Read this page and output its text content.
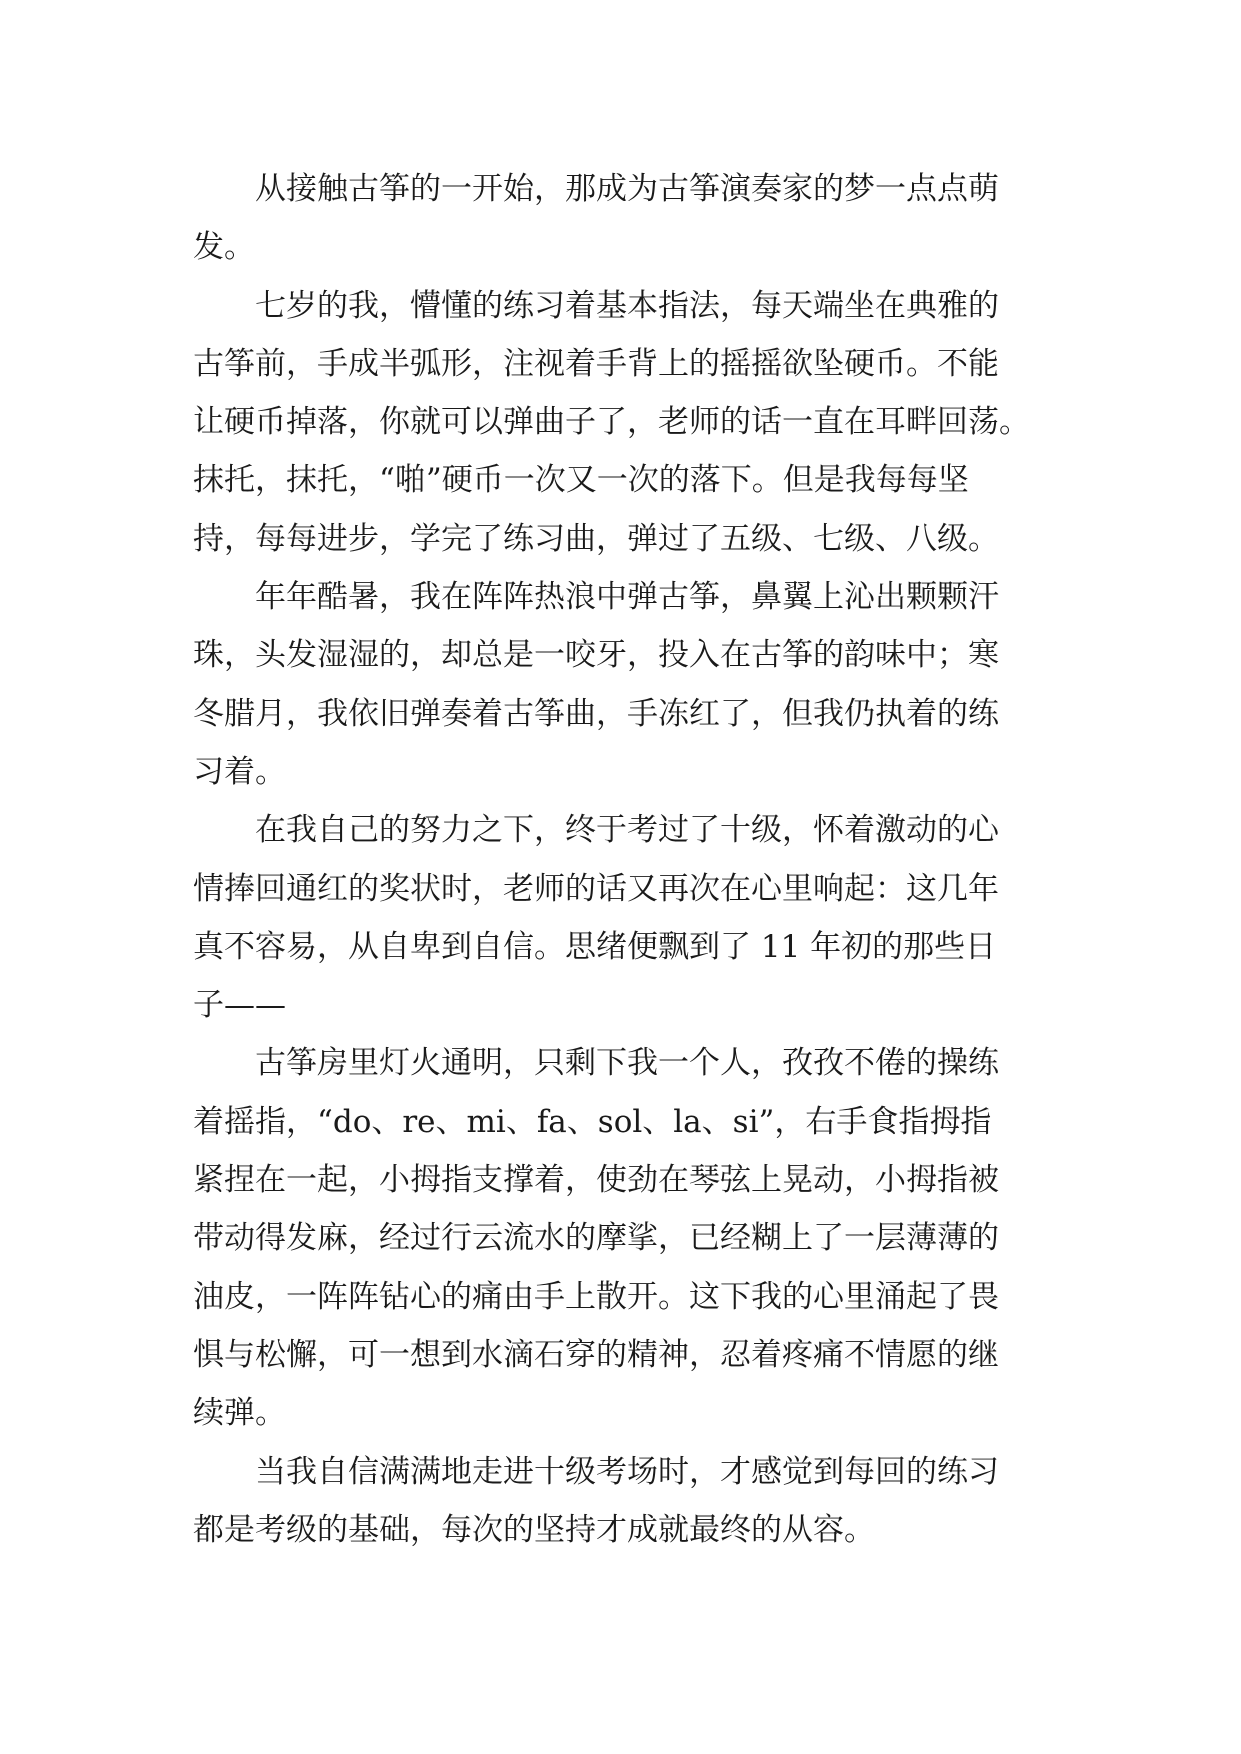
从接触古筝的一开始，那成为古筝演奏家的梦一点点萌
发。
七岁的我，懵懂的练习着基本指法，每天端坐在典雅的
古筝前，手成半弧形，注视着手背上的摇摇欲坠硬币。不能
让硬币掉落，你就可以弹曲子了，老师的话一直在耳畔回荡。
抹托，抹托，“啪”硬币一次又一次的落下。但是我每每坚
持，每每进步，学完了练习曲，弹过了五级、七级、八级。
年年酷暑，我在阵阵热浪中弹古筝，鼻翼上沁出颗颗汗
珠，头发湿湿的，却总是一咬牙，投入在古筝的韵味中；寒
冬腊月，我依旧弹奏着古筝曲，手冻红了，但我仍执着的练
习着。
在我自己的努力之下，终于考过了十级，怀着激动的心
情捧回通红的奖状时，老师的话又再次在心里响起：这几年
真不容易，从自卑到自信。思绪便飘到了 11 年初的那些日
子——
古筝房里灯火通明，只剩下我一个人，孜孜不倦的操练
着摇指，“do、re、mi、fa、sol、la、si”，右手食指拇指
紧捏在一起，小拇指支撑着，使劲在琴弦上晃动，小拇指被
带动得发麻，经过行云流水的摩挲，已经糊上了一层薄薄的
油皮，一阵阵钻心的痛由手上散开。这下我的心里涌起了畏
惧与松懈，可一想到水滴石穿的精神，忍着疼痛不情愿的继
续弹。
当我自信满满地走进十级考场时，才感觉到每回的练习
都是考级的基础，每次的坚持才成就最终的从容。
